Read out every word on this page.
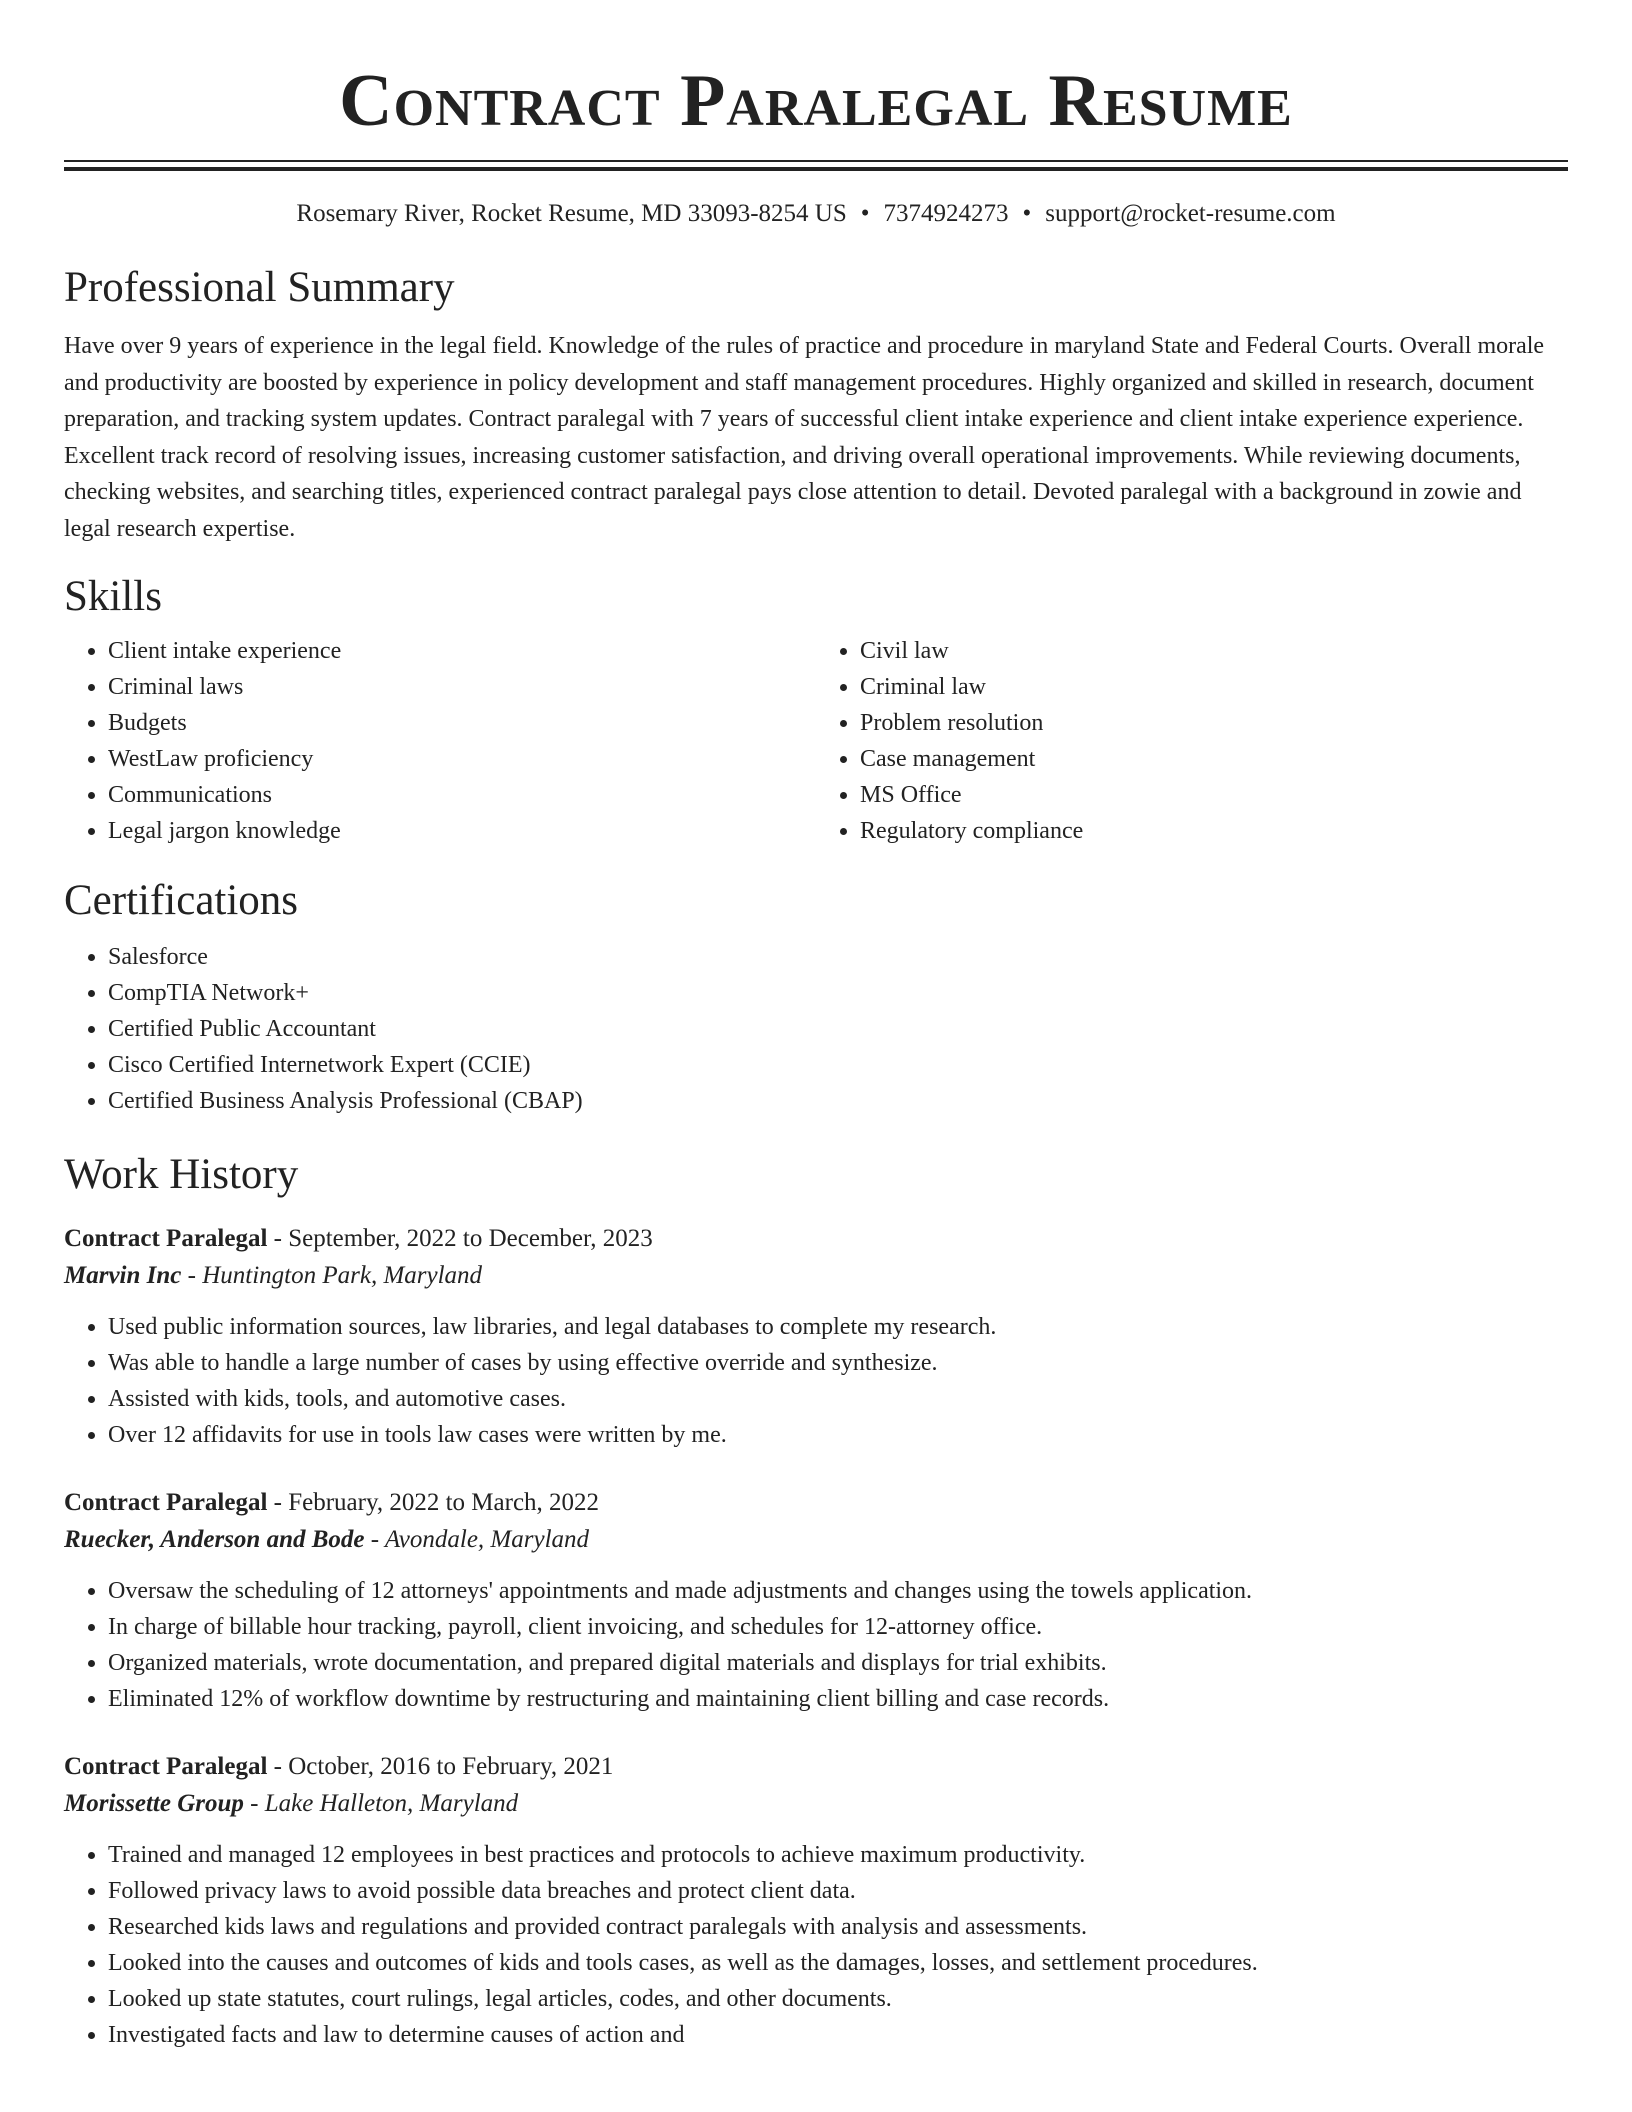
Contract Paralegal Resume
Rosemary River, Rocket Resume, MD 33093-8254 US • 7374924273 • support@rocket-resume.com
Professional Summary

Have over 9 years of experience in the legal field. Knowledge of the rules of practice and procedure in maryland State and Federal Courts. Overall morale and productivity are boosted by experience in policy development and staff management procedures. Highly organized and skilled in research, document preparation, and tracking system updates. Contract paralegal with 7 years of successful client intake experience and client intake experience experience. Excellent track record of resolving issues, increasing customer satisfaction, and driving overall operational improvements. While reviewing documents, checking websites, and searching titles, experienced contract paralegal pays close attention to detail. Devoted paralegal with a background in zowie and legal research expertise.

Skills
• Client intake experience
• Criminal laws
• Budgets
• WestLaw proficiency
• Communications
• Legal jargon knowledge
• Civil law
• Criminal law
• Problem resolution
• Case management
• MS Office
• Regulatory compliance
Certifications
• Salesforce
• CompTIA Network+
• Certified Public Accountant
• Cisco Certified Internetwork Expert (CCIE)
• Certified Business Analysis Professional (CBAP)
Work History
Contract Paralegal - September, 2022 to December, 2023
Marvin Inc - Huntington Park, Maryland
• Used public information sources, law libraries, and legal databases to complete my research.
• Was able to handle a large number of cases by using effective override and synthesize.
• Assisted with kids, tools, and automotive cases.
• Over 12 affidavits for use in tools law cases were written by me.
Contract Paralegal - February, 2022 to March, 2022
Ruecker, Anderson and Bode - Avondale, Maryland
• Oversaw the scheduling of 12 attorneys' appointments and made adjustments and changes using the towels application.
• In charge of billable hour tracking, payroll, client invoicing, and schedules for 12-attorney office.
• Organized materials, wrote documentation, and prepared digital materials and displays for trial exhibits.
• Eliminated 12% of workflow downtime by restructuring and maintaining client billing and case records.
Contract Paralegal - October, 2016 to February, 2021
Morissette Group - Lake Halleton, Maryland
• Trained and managed 12 employees in best practices and protocols to achieve maximum productivity.
• Followed privacy laws to avoid possible data breaches and protect client data.
• Researched kids laws and regulations and provided contract paralegals with analysis and assessments.
• Looked into the causes and outcomes of kids and tools cases, as well as the damages, losses, and settlement procedures.
• Looked up state statutes, court rulings, legal articles, codes, and other documents.
• Investigated facts and law to determine causes of action and
